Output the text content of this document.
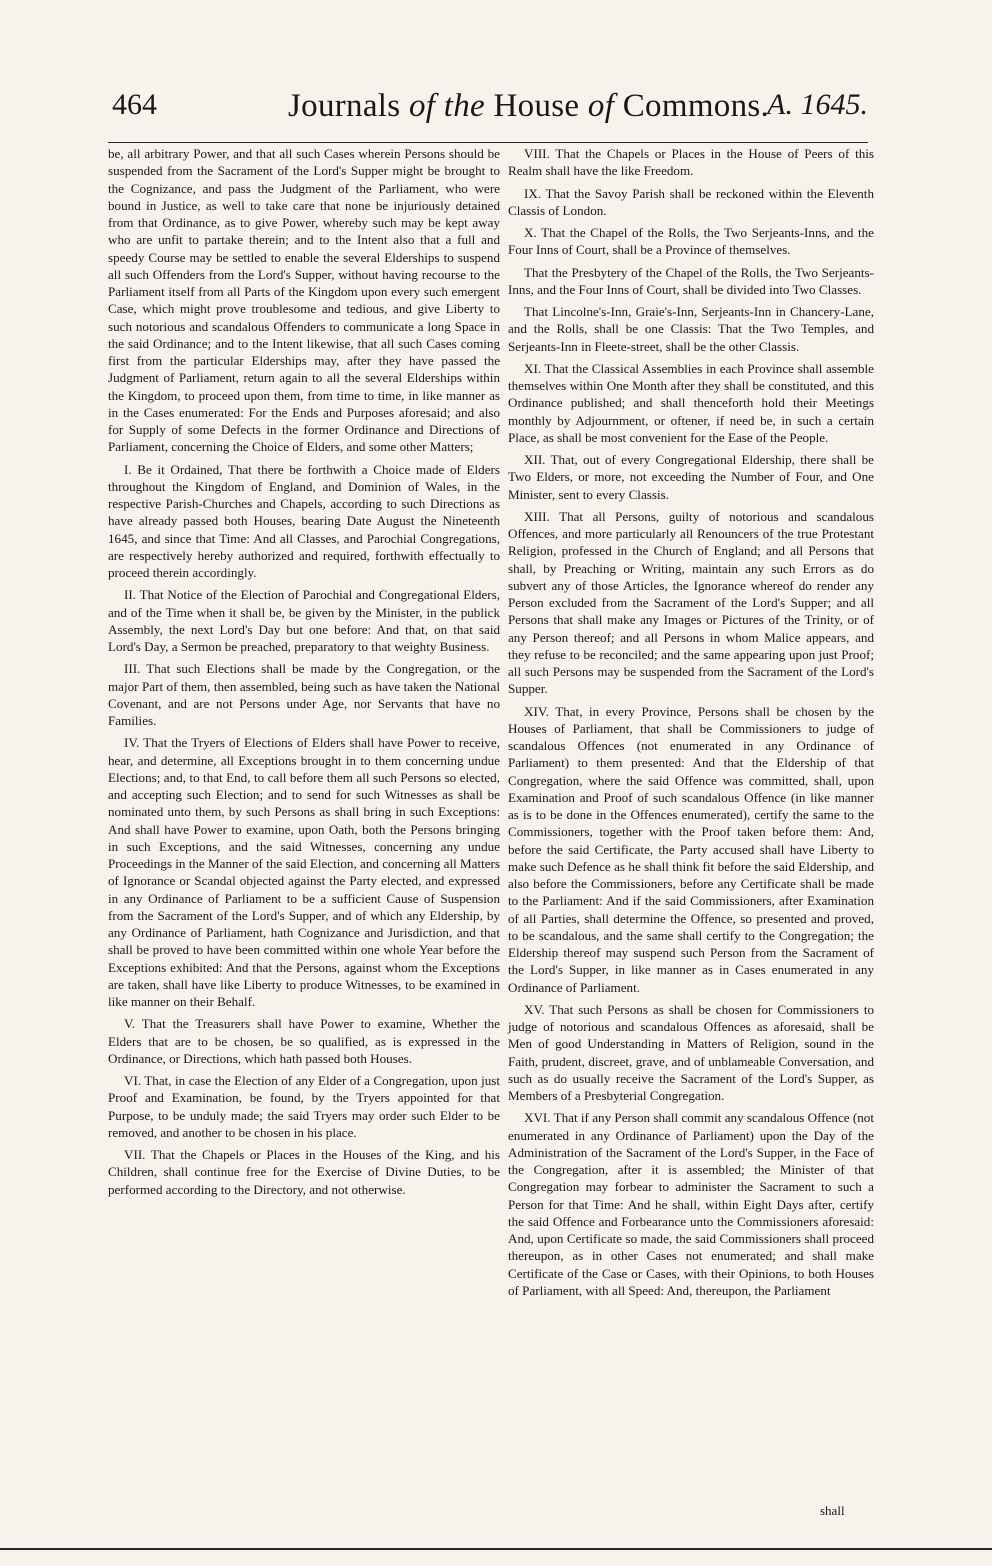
464	Journals of the House of Commons.
A. 1645.

be, all arbitrary Power, and that all such Cases wherein Persons should be suspended from the Sacrament of the Lord's Supper might be brought to the Cognizance, and pass the Judgment of the Parliament, who were bound in Justice, as well to take care that none be injuriously detained from that Ordinance, as to give Power, whereby such may be kept away who are unfit to partake therein; and to the Intent also that a full and speedy Course may be settled to enable the several Elderships to suspend all such Offenders from the Lord's Supper, without having recourse to the Parliament itself from all Parts of the Kingdom upon every such emergent Case, which might prove troublesome and tedious, and give Liberty to such notorious and scandalous Offenders to communicate a long Space in the said Ordinance; and to the Intent likewise, that all such Cases coming first from the particular Elderships may, after they have passed the Judgment of Parliament, return again to all the several Elderships within the Kingdom, to proceed upon them, from time to time, in like manner as in the Cases enumerated: For the Ends and Purposes aforesaid; and also for Supply of some Defects in the former Ordinance and Directions of Parliament, concerning the Choice of Elders, and some other Matters;

I. Be it Ordained, That there be forthwith a Choice made of Elders throughout the Kingdom of England, and Dominion of Wales, in the respective Parish-Churches and Chapels, according to such Directions as have already passed both Houses, bearing Date August the Nineteenth 1645, and since that Time: And all Classes, and Parochial Congregations, are respectively hereby authorized and required, forthwith effectually to proceed therein accordingly.

II. That Notice of the Election of Parochial and Congregational Elders, and of the Time when it shall be, be given by the Minister, in the publick Assembly, the next Lord's Day but one before: And that, on that said Lord's Day, a Sermon be preached, preparatory to that weighty Business.

III. That such Elections shall be made by the Congregation, or the major Part of them, then assembled, being such as have taken the National Covenant, and are not Persons under Age, nor Servants that have no Families.

IV. That the Tryers of Elections of Elders shall have Power to receive, hear, and determine, all Exceptions brought in to them concerning undue Elections; and, to that End, to call before them all such Persons so elected, and accepting such Election; and to send for such Witnesses as shall be nominated unto them, by such Persons as shall bring in such Exceptions: And shall have Power to examine, upon Oath, both the Persons bringing in such Exceptions, and the said Witnesses, concerning any undue Proceedings in the Manner of the said Election, and concerning all Matters of Ignorance or Scandal objected against the Party elected, and expressed in any Ordinance of Parliament to be a sufficient Cause of Suspension from the Sacrament of the Lord's Supper, and of which any Eldership, by any Ordinance of Parliament, hath Cognizance and Jurisdiction, and that shall be proved to have been committed within one whole Year before the Exceptions exhibited: And that the Persons, against whom the Exceptions are taken, shall have like Liberty to produce Witnesses, to be examined in like manner on their Behalf.

V. That the Treasurers shall have Power to examine, Whether the Elders that are to be chosen, be so qualified, as is expressed in the Ordinance, or Directions, which hath passed both Houses.

VI. That, in case the Election of any Elder of a Congregation, upon just Proof and Examination, be found, by the Tryers appointed for that Purpose, to be unduly made; the said Tryers may order such Elder to be removed, and another to be chosen in his place.

VII. That the Chapels or Places in the Houses of the King, and his Children, shall continue free for the Exercise of Divine Duties, to be performed according to the Directory, and not otherwise.

VIII. That the Chapels or Places in the House of Peers of this Realm shall have the like Freedom.

IX. That the Savoy Parish shall be reckoned within the Eleventh Classis of London.

X. That the Chapel of the Rolls, the Two Serjeants-Inns, and the Four Inns of Court, shall be a Province of themselves.

That the Presbytery of the Chapel of the Rolls, the Two Serjeants-Inns, and the Four Inns of Court, shall be divided into Two Classes.

That Lincolne's-Inn, Graie's-Inn, Serjeants-Inn in Chancery-Lane, and the Rolls, shall be one Classis: That the Two Temples, and Serjeants-Inn in Fleete-street, shall be the other Classis.

XI. That the Classical Assemblies in each Province shall assemble themselves within One Month after they shall be constituted, and this Ordinance published; and shall thenceforth hold their Meetings monthly by Adjournment, or oftener, if need be, in such a certain Place, as shall be most convenient for the Ease of the People.

XII. That, out of every Congregational Eldership, there shall be Two Elders, or more, not exceeding the Number of Four, and One Minister, sent to every Classis.

XIII. That all Persons, guilty of notorious and scandalous Offences, and more particularly all Renouncers of the true Protestant Religion, professed in the Church of England; and all Persons that shall, by Preaching or Writing, maintain any such Errors as do subvert any of those Articles, the Ignorance whereof do render any Person excluded from the Sacrament of the Lord's Supper; and all Persons that shall make any Images or Pictures of the Trinity, or of any Person thereof; and all Persons in whom Malice appears, and they refuse to be reconciled; and the same appearing upon just Proof; all such Persons may be suspended from the Sacrament of the Lord's Supper.

XIV. That, in every Province, Persons shall be chosen by the Houses of Parliament, that shall be Commissioners to judge of scandalous Offences (not enumerated in any Ordinance of Parliament) to them presented: And that the Eldership of that Congregation, where the said Offence was committed, shall, upon Examination and Proof of such scandalous Offence (in like manner as is to be done in the Offences enumerated), certify the same to the Commissioners, together with the Proof taken before them: And, before the said Certificate, the Party accused shall have Liberty to make such Defence as he shall think fit before the said Eldership, and also before the Commissioners, before any Certificate shall be made to the Parliament: And if the said Commissioners, after Examination of all Parties, shall determine the Offence, so presented and proved, to be scandalous, and the same shall certify to the Congregation; the Eldership thereof may suspend such Person from the Sacrament of the Lord's Supper, in like manner as in Cases enumerated in any Ordinance of Parliament.

XV. That such Persons as shall be chosen for Commissioners to judge of notorious and scandalous Offences as aforesaid, shall be Men of good Understanding in Matters of Religion, sound in the Faith, prudent, discreet, grave, and of unblameable Conversation, and such as do usually receive the Sacrament of the Lord's Supper, as Members of a Presbyterial Congregation.

XVI. That if any Person shall commit any scandalous Offence (not enumerated in any Ordinance of Parliament) upon the Day of the Administration of the Sacrament of the Lord's Supper, in the Face of the Congregation, after it is assembled; the Minister of that Congregation may forbear to administer the Sacrament to such a Person for that Time: And he shall, within Eight Days after, certify the said Offence and Forbearance unto the Commissioners aforesaid: And, upon Certificate so made, the said Commissioners shall proceed thereupon, as in other Cases not enumerated; and shall make Certificate of the Case or Cases, with their Opinions, to both Houses of Parliament, with all Speed: And, thereupon, the Parliament

shall
